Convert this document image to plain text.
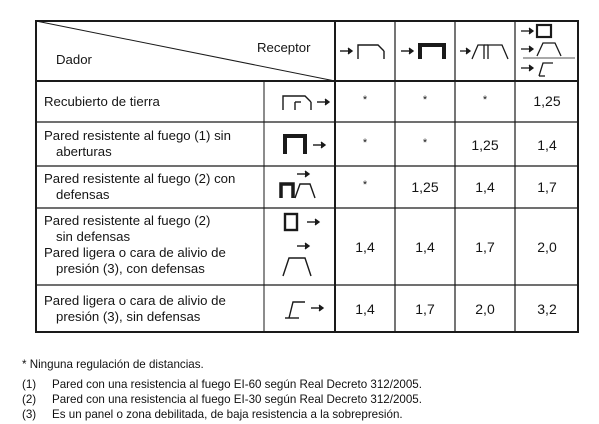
Dador
Receptor
Recubierto de tierra	*	*	*	1,25
Pared resistente al fuego (1) sin
aberturas
*	*	1,25	1,4
Pared resistente al fuego (2) con
defensas
*	1,25	1,4	1,7
Pared resistente al fuego (2)
sin defensas
Pared ligera o cara de alivio de
presión (3), con defensas
1,4	1,4	1,7	2,0
Pared ligera o cara de alivio de
presión (3), sin defensas	1,4	1,7	2,0	3,2
* Ninguna regulación de distancias.
(1) Pared con una resistencia al fuego EI-60 según Real Decreto 312/2005.
(2) Pared con una resistencia al fuego EI-30 según Real Decreto 312/2005.
(3) Es un panel o zona debilitada, de baja resistencia a la sobrepresión.
